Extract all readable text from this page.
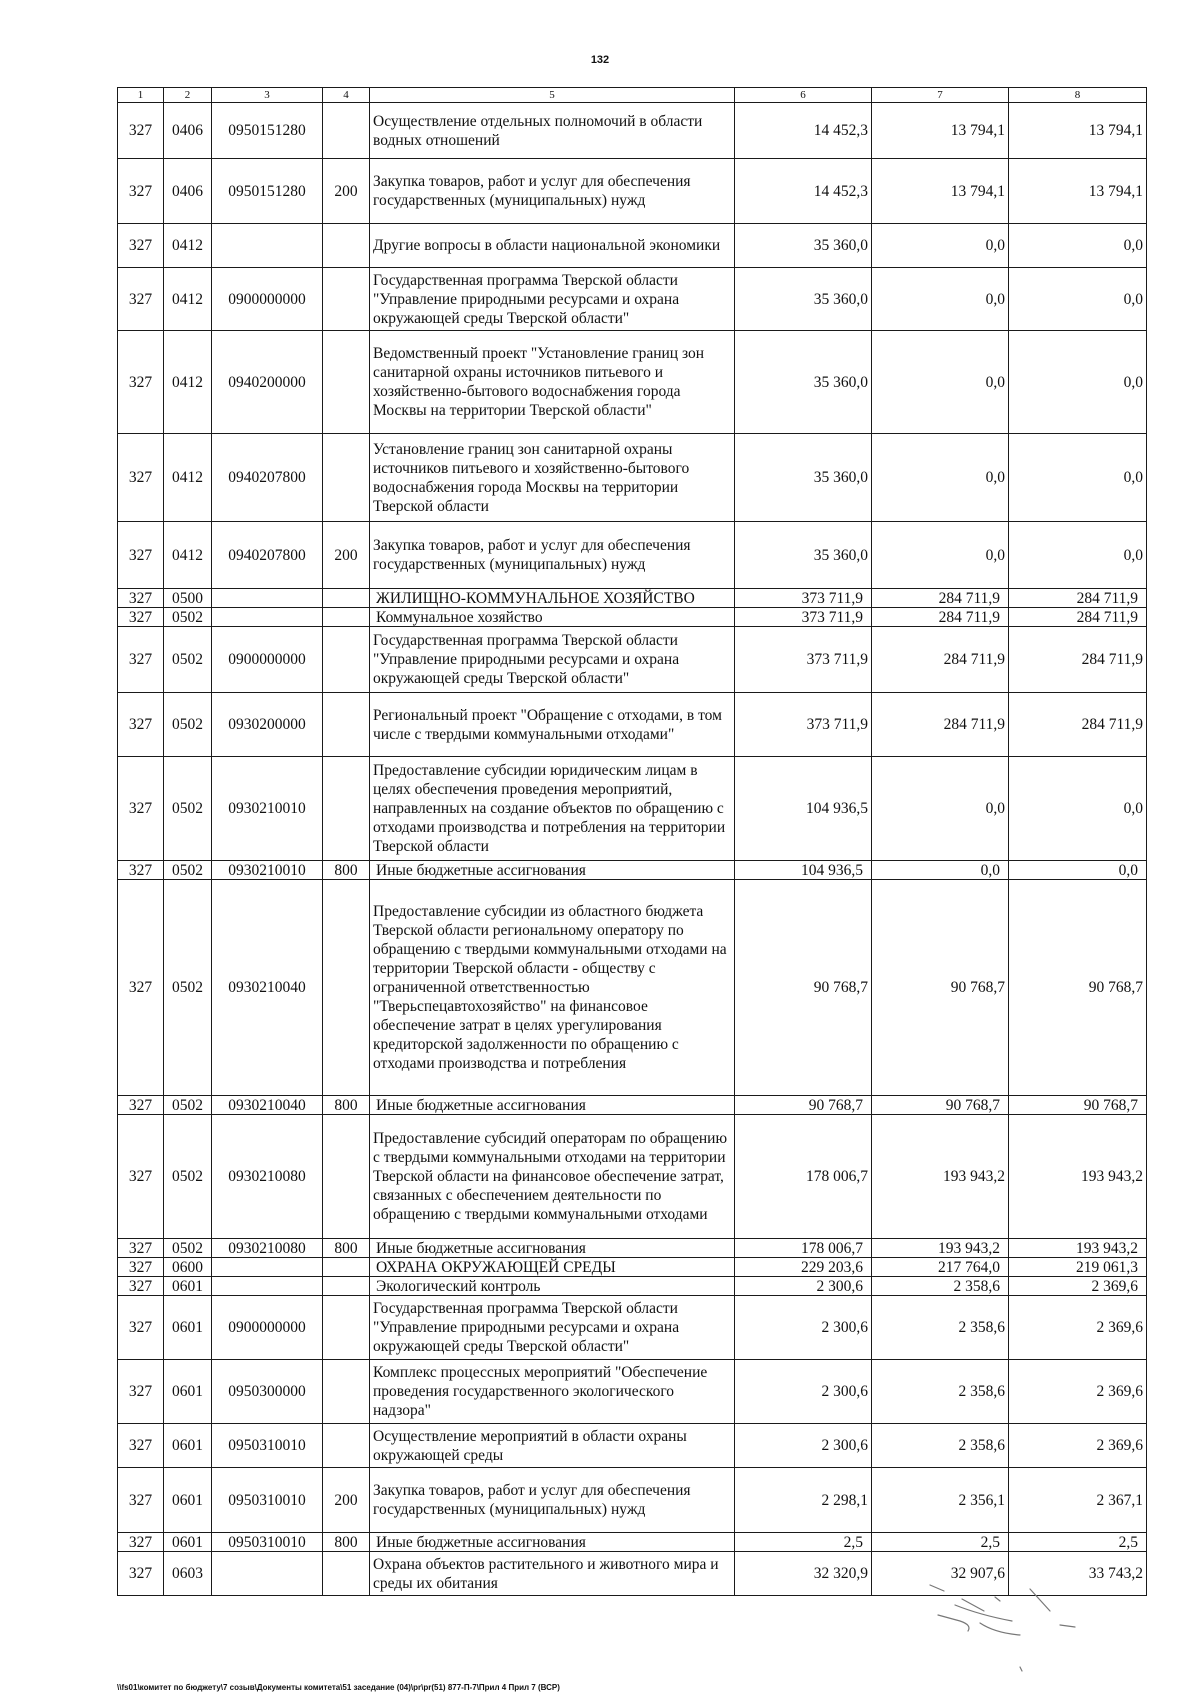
132
1	2	3	4	5	6	7	8
327	0406	0950151280		Осуществление отдельных полномочий в области водных отношений	14 452,3	13 794,1	13 794,1
327	0406	0950151280	200	Закупка товаров, работ и услуг для обеспечения государственных (муниципальных) нужд	14 452,3	13 794,1	13 794,1
327	0412			Другие вопросы в области национальной экономики	35 360,0	0,0	0,0
327	0412	0900000000		Государственная программа Тверской области "Управление природными ресурсами и охрана окружающей среды Тверской области"	35 360,0	0,0	0,0
327	0412	0940200000		Ведомственный проект "Установление границ зон санитарной охраны источников питьевого и хозяйственно-бытового водоснабжения города Москвы на территории Тверской области"	35 360,0	0,0	0,0
327	0412	0940207800		Установление границ зон санитарной охраны источников питьевого и хозяйственно-бытового водоснабжения города Москвы на территории Тверской области	35 360,0	0,0	0,0
327	0412	0940207800	200	Закупка товаров, работ и услуг для обеспечения государственных (муниципальных) нужд	35 360,0	0,0	0,0
327	0500			ЖИЛИЩНО-КОММУНАЛЬНОЕ ХОЗЯЙСТВО	373 711,9	284 711,9	284 711,9
327	0502			Коммунальное хозяйство	373 711,9	284 711,9	284 711,9
327	0502	0900000000		Государственная программа Тверской области "Управление природными ресурсами и охрана окружающей среды Тверской области"	373 711,9	284 711,9	284 711,9
327	0502	0930200000		Региональный проект "Обращение с отходами, в том числе с твердыми коммунальными отходами"	373 711,9	284 711,9	284 711,9
327	0502	0930210010		Предоставление субсидии юридическим лицам в целях обеспечения проведения мероприятий, направленных на создание объектов по обращению с отходами производства и потребления на территории Тверской области	104 936,5	0,0	0,0
327	0502	0930210010	800	Иные бюджетные ассигнования	104 936,5	0,0	0,0
327	0502	0930210040		Предоставление субсидии из областного бюджета Тверской области региональному оператору по обращению с твердыми коммунальными отходами на территории Тверской области - обществу с ограниченной ответственностью "Тверьспецавтохозяйство" на финансовое обеспечение затрат в целях урегулирования кредиторской задолженности по обращению с отходами производства и потребления	90 768,7	90 768,7	90 768,7
327	0502	0930210040	800	Иные бюджетные ассигнования	90 768,7	90 768,7	90 768,7
327	0502	0930210080		Предоставление субсидий операторам по обращению с твердыми коммунальными отходами на территории Тверской области на финансовое обеспечение затрат, связанных с обеспечением деятельности по обращению с твердыми коммунальными отходами	178 006,7	193 943,2	193 943,2
327	0502	0930210080	800	Иные бюджетные ассигнования	178 006,7	193 943,2	193 943,2
327	0600			ОХРАНА ОКРУЖАЮЩЕЙ СРЕДЫ	229 203,6	217 764,0	219 061,3
327	0601			Экологический контроль	2 300,6	2 358,6	2 369,6
327	0601	0900000000		Государственная программа Тверской области "Управление природными ресурсами и охрана окружающей среды Тверской области"	2 300,6	2 358,6	2 369,6
327	0601	0950300000		Комплекс процессных мероприятий "Обеспечение проведения государственного экологического надзора"	2 300,6	2 358,6	2 369,6
327	0601	0950310010		Осуществление мероприятий в области охраны окружающей среды	2 300,6	2 358,6	2 369,6
327	0601	0950310010	200	Закупка товаров, работ и услуг для обеспечения государственных (муниципальных) нужд	2 298,1	2 356,1	2 367,1
327	0601	0950310010	800	Иные бюджетные ассигнования	2,5	2,5	2,5
327	0603			Охрана объектов растительного и животного мира и среды их обитания	32 320,9	32 907,6	33 743,2
\\fs01\комитет по бюджету\7 созыв\Документы комитета\51 заседание (04)\pr\pr(51) 877-П-7\Прил 4 Прил 7 (ВСР)
